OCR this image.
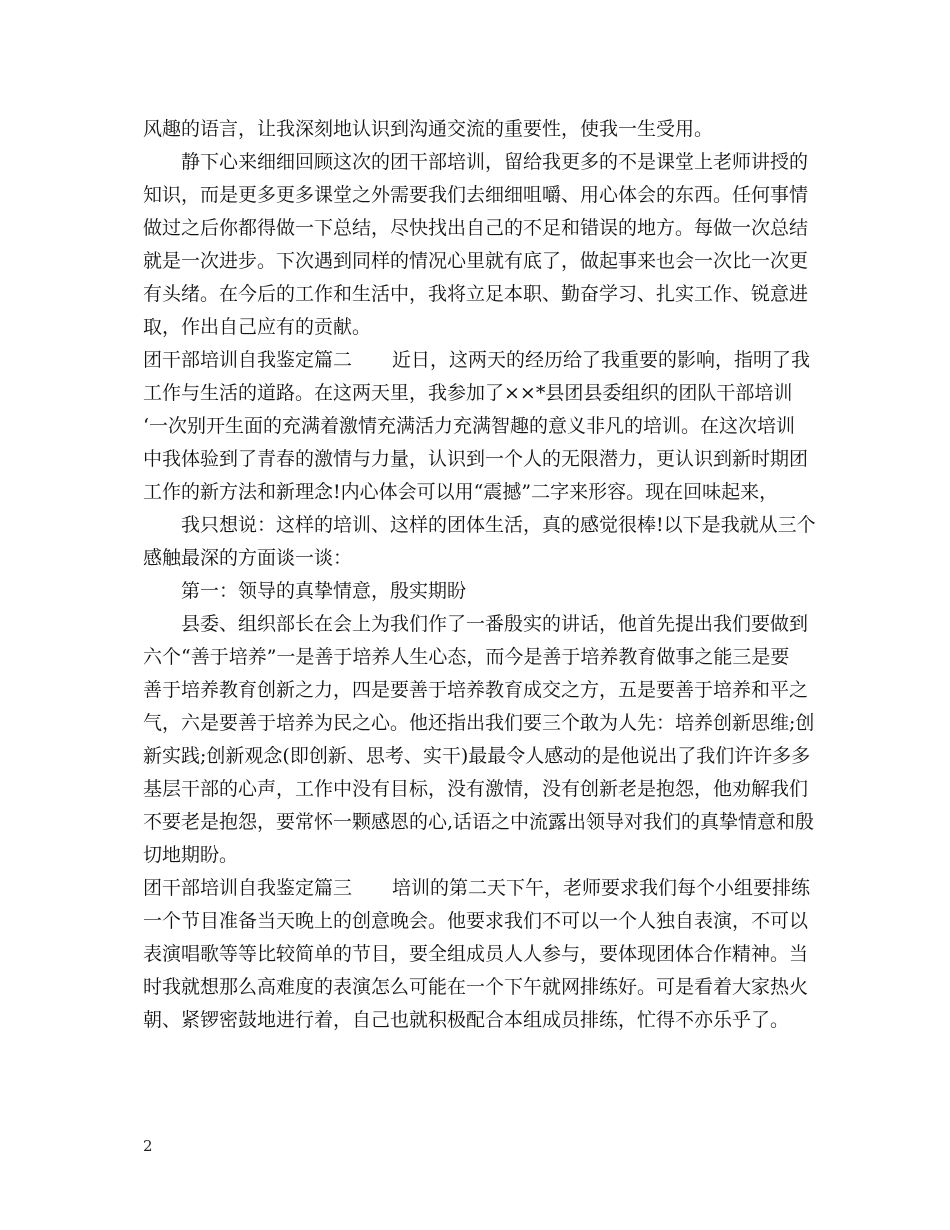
风趣的语言，让我深刻地认识到沟通交流的重要性，使我一生受用。
静下心来细细回顾这次的团干部培训，留给我更多的不是课堂上老师讲授的
知识，而是更多更多课堂之外需要我们去细细咀嚼、用心体会的东西。任何事情
做过之后你都得做一下总结，尽快找出自己的不足和错误的地方。每做一次总结
就是一次进步。下次遇到同样的情况心里就有底了，做起事来也会一次比一次更
有头绪。在今后的工作和生活中，我将立足本职、勤奋学习、扎实工作、锐意进
取，作出自己应有的贡献。
团干部培训自我鉴定篇二 近日，这两天的经历给了我重要的影响，指明了我
工作与生活的道路。在这两天里，我参加了××*县团县委组织的团队干部培训
‘一次别开生面的充满着激情充满活力充满智趣的意义非凡的培训。在这次培训
中我体验到了青春的激情与力量，认识到一个人的无限潜力，更认识到新时期团
工作的新方法和新理念!内心体会可以用“震撼”二字来形容。现在回味起来，
我只想说：这样的培训、这样的团体生活，真的感觉很棒!以下是我就从三个
感触最深的方面谈一谈：
第一：领导的真挚情意，殷实期盼
县委、组织部长在会上为我们作了一番殷实的讲话，他首先提出我们要做到
六个“善于培养”一是善于培养人生心态，而今是善于培养教育做事之能三是要
善于培养教育创新之力，四是要善于培养教育成交之方，五是要善于培养和平之
气，六是要善于培养为民之心。他还指出我们要三个敢为人先：培养创新思维;创
新实践;创新观念(即创新、思考、实干)最最令人感动的是他说出了我们许许多多
基层干部的心声，工作中没有目标，没有激情，没有创新老是抱怨，他劝解我们
不要老是抱怨，要常怀一颗感恩的心,话语之中流露出领导对我们的真挚情意和殷
切地期盼。
团干部培训自我鉴定篇三 培训的第二天下午，老师要求我们每个小组要排练
一个节目准备当天晚上的创意晚会。他要求我们不可以一个人独自表演，不可以
表演唱歌等等比较简单的节目，要全组成员人人参与，要体现团体合作精神。当
时我就想那么高难度的表演怎么可能在一个下午就网排练好。可是看着大家热火
朝、紧锣密鼓地进行着，自己也就积极配合本组成员排练，忙得不亦乐乎了。
2
